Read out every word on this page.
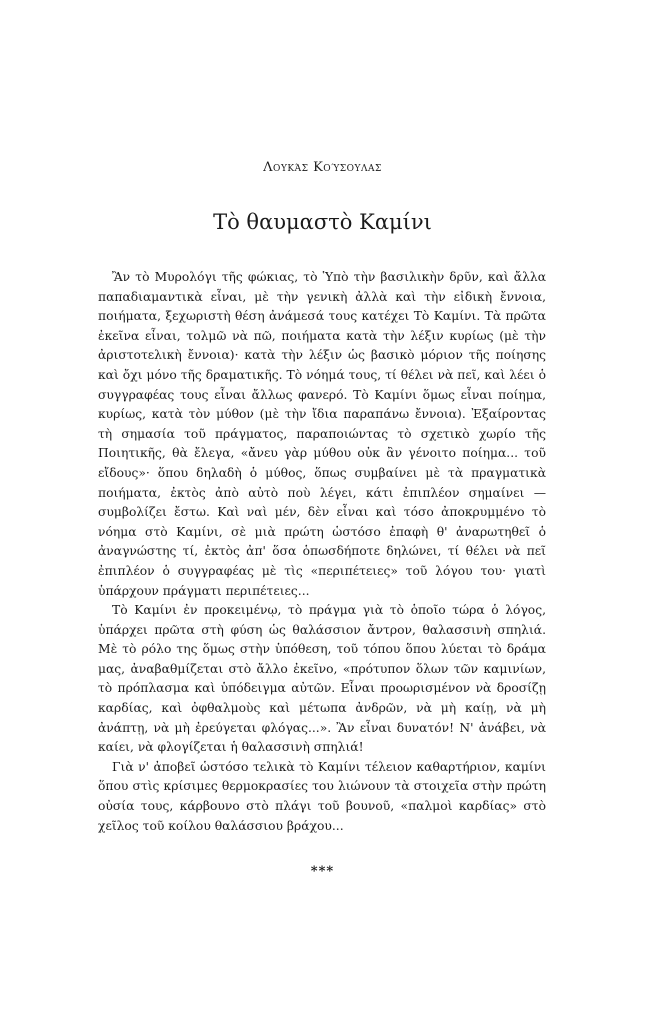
Λουκάς Κούσουλας
Τὸ θαυμαστὸ Καμίνι

Ἂν τὸ Μυρολόγι τῆς φώκιας, τὸ Ὑπὸ τὴν βασιλικὴν δρῦν, καὶ ἄλλα παπαδιαμαντικὰ εἶναι, μὲ τὴν γενικὴ ἀλλὰ καὶ τὴν εἰδικὴ ἔννοια, ποιήματα, ξεχωριστὴ θέση ἀνάμεσά τους κατέχει Τὸ Καμίνι. Τὰ πρῶτα ἐκεῖνα εἶναι, τολμῶ νὰ πῶ, ποιήματα κατὰ τὴν λέξιν κυρίως (μὲ τὴν ἀριστοτελικὴ ἔννοια)· κατὰ τὴν λέξιν ὡς βασικὸ μόριον τῆς ποίησης καὶ ὄχι μόνο τῆς δραματικῆς. Τὸ νόημά τους, τί θέλει νὰ πεῖ, καὶ λέει ὁ συγγραφέας τους εἶναι ἄλλως φανερό. Τὸ Καμίνι ὅμως εἶναι ποίημα, κυρίως, κατὰ τὸν μύθον (μὲ τὴν ἴδια παραπάνω ἔννοια). Ἐξαίροντας τὴ σημασία τοῦ πράγματος, παραποιώντας τὸ σχετικὸ χωρίο τῆς Ποιητικῆς, θὰ ἔλεγα, «ἄνευ γὰρ μύθου οὐκ ἂν γένοιτο ποίημα... τοῦ εἴδους»· ὅπου δηλαδὴ ὁ μύθος, ὅπως συμβαίνει μὲ τὰ πραγματικὰ ποιήματα, ἐκτὸς ἀπὸ αὐτὸ ποὺ λέγει, κάτι ἐπιπλέον σημαίνει — συμβολίζει ἔστω. Καὶ ναὶ μέν, δὲν εἶναι καὶ τόσο ἀποκρυμμένο τὸ νόημα στὸ Καμίνι, σὲ μιὰ πρώτη ὡστόσο ἐπαφὴ θ' ἀναρωτηθεῖ ὁ ἀναγνώστης τί, ἐκτὸς ἀπ' ὅσα ὁπωσδήποτε δηλώνει, τί θέλει νὰ πεῖ ἐπιπλέον ὁ συγγραφέας μὲ τὶς «περιπέτειες» τοῦ λόγου του· γιατὶ ὑπάρχουν πράγματι περιπέτειες...

Τὸ Καμίνι ἐν προκειμένῳ, τὸ πράγμα γιὰ τὸ ὁποῖο τώρα ὁ λόγος, ὑπάρχει πρῶτα στὴ φύση ὡς θαλάσσιον ἄντρον, θαλασσινὴ σπηλιά. Μὲ τὸ ρόλο της ὅμως στὴν ὑπόθεση, τοῦ τόπου ὅπου λύεται τὸ δράμα μας, ἀναβαθμίζεται στὸ ἄλλο ἐκεῖνο, «πρότυπον ὅλων τῶν καμινίων, τὸ πρόπλασμα καὶ ὑπόδειγμα αὐτῶν. Εἶναι προωρισμένον νὰ δροσίζῃ καρδίας, καὶ ὀφθαλμοὺς καὶ μέτωπα ἀνδρῶν, νὰ μὴ καίῃ, νὰ μὴ ἀνάπτῃ, νὰ μὴ ἐρεύγεται φλόγας...». Ἂν εἶναι δυνατόν! Ν' ἀνάβει, νὰ καίει, νὰ φλογίζεται ἡ θαλασσινὴ σπηλιά!

Γιὰ ν' ἀποβεῖ ὡστόσο τελικὰ τὸ Καμίνι τέλειον καθαρτήριον, καμίνι ὅπου στὶς κρίσιμες θερμοκρασίες του λιώνουν τὰ στοιχεῖα στὴν πρώτη οὐσία τους, κάρβουνο στὸ πλάγι τοῦ βουνοῦ, «παλμοὶ καρδίας» στὸ χεῖλος τοῦ κοίλου θαλάσσιου βράχου...

***
